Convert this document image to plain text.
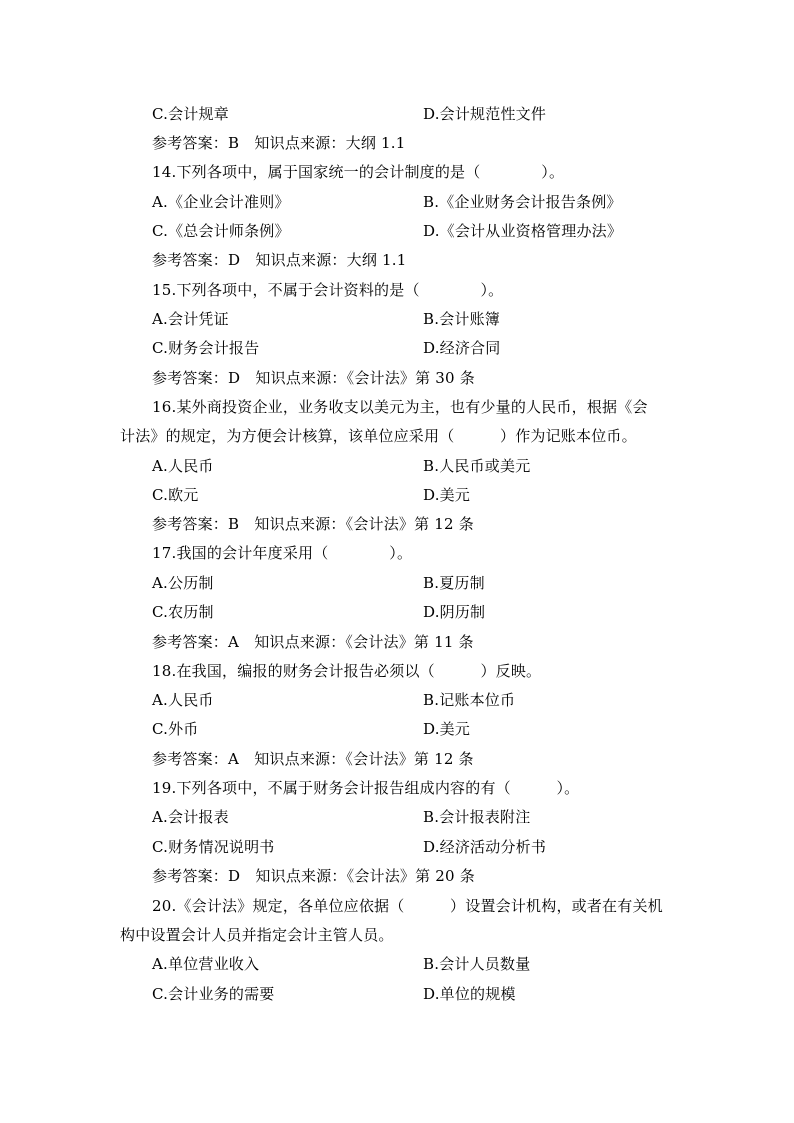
C.会计规章	D.会计规范性文件
参考答案：B　知识点来源：大纲 1.1
14.下列各项中，属于国家统一的会计制度的是（　　　　）。
A.《企业会计准则》	B.《企业财务会计报告条例》
C.《总会计师条例》	D.《会计从业资格管理办法》
参考答案：D　知识点来源：大纲 1.1
15.下列各项中，不属于会计资料的是（　　　　）。
A.会计凭证	B.会计账簿
C.财务会计报告	D.经济合同
参考答案：D　知识点来源：《会计法》第 30 条
16.某外商投资企业，业务收支以美元为主，也有少量的人民币，根据《会
计法》的规定，为方便会计核算，该单位应采用（　　　）作为记账本位币。
A.人民币	B.人民币或美元
C.欧元	D.美元
参考答案：B　知识点来源：《会计法》第 12 条
17.我国的会计年度采用（　　　　）。
A.公历制	B.夏历制
C.农历制	D.阴历制
参考答案：A　知识点来源：《会计法》第 11 条
18.在我国，编报的财务会计报告必须以（　　　）反映。
A.人民币	B.记账本位币
C.外币	D.美元
参考答案：A　知识点来源：《会计法》第 12 条
19.下列各项中，不属于财务会计报告组成内容的有（　　　）。
A.会计报表	B.会计报表附注
C.财务情况说明书	D.经济活动分析书
参考答案：D　知识点来源：《会计法》第 20 条
20.《会计法》规定，各单位应依据（　　　）设置会计机构，或者在有关机
构中设置会计人员并指定会计主管人员。
A.单位营业收入	B.会计人员数量
C.会计业务的需要	D.单位的规模
